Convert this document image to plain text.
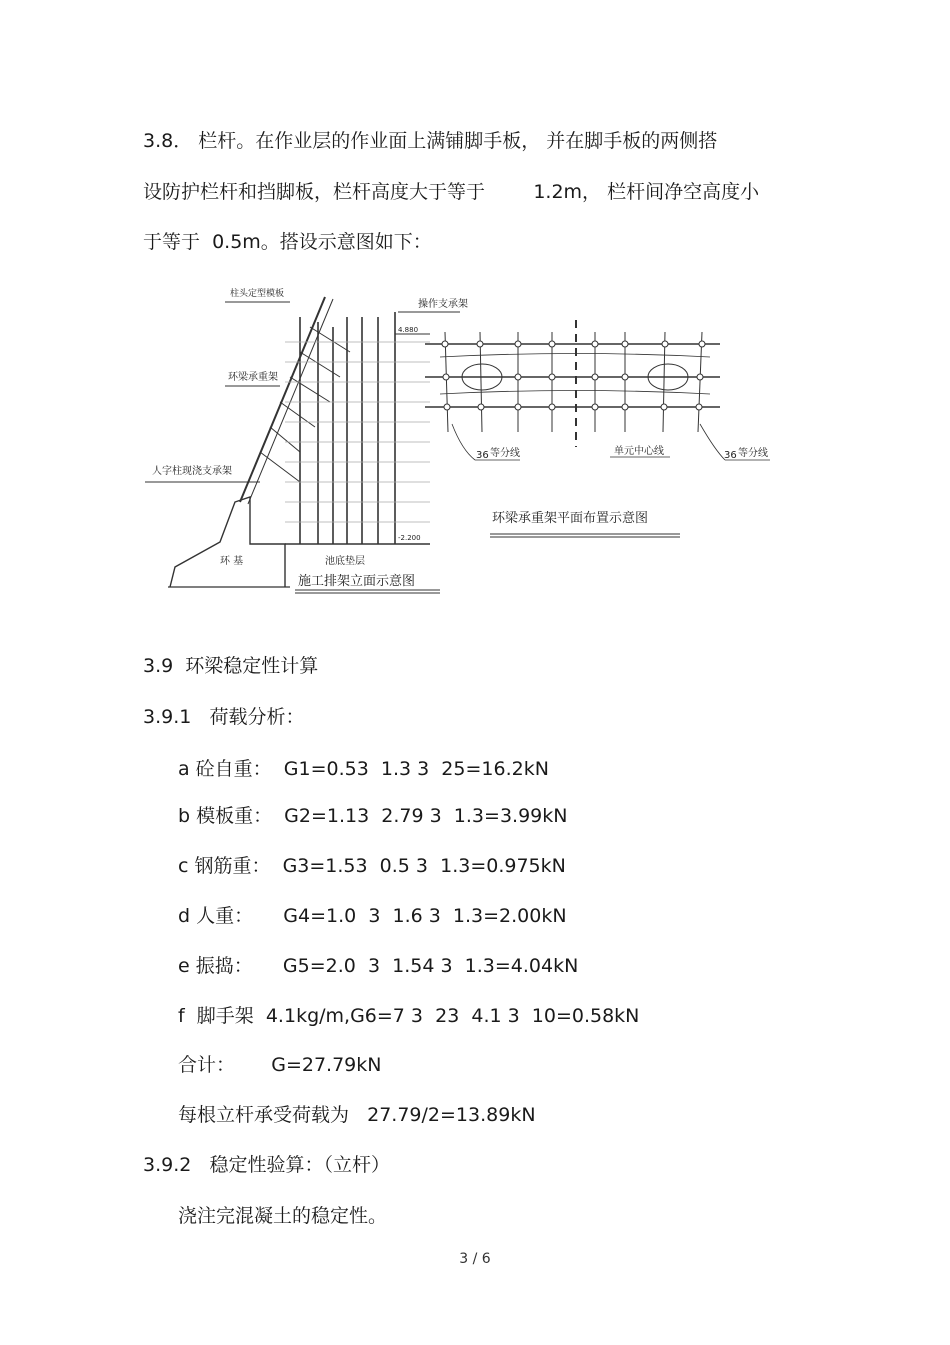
3.8． 栏杆。在作业层的作业面上满铺脚手板， 并在脚手板的两侧搭
设防护栏杆和挡脚板，栏杆高度大于等于        1.2m， 栏杆间净空高度小
于等于  0.5m。搭设示意图如下：
柱头定型模板
环梁承重架
人字柱现浇支承架
环 基	池底垫层
操作支承架
4.880
-2.200
施工排架立面示意图
36 等分线	单元中心线	36 等分线
环梁承重架平面布置示意图
3.9  环梁稳定性计算
3.9.1   荷载分析：
a 砼自重：  G1=0.53  1.3 3  25=16.2kN
b 模板重：  G2=1.13  2.79 3  1.3=3.99kN
c 钢筋重：  G3=1.53  0.5 3  1.3=0.975kN
d 人重：     G4=1.0  3  1.6 3  1.3=2.00kN
e 振捣：     G5=2.0  3  1.54 3  1.3=4.04kN
f  脚手架  4.1kg/m,G6=7 3  23  4.1 3  10=0.58kN
合计：      G=27.79kN
每根立杆承受荷载为   27.79/2=13.89kN
3.9.2   稳定性验算：（立杆）
浇注完混凝土的稳定性。
3 / 6
